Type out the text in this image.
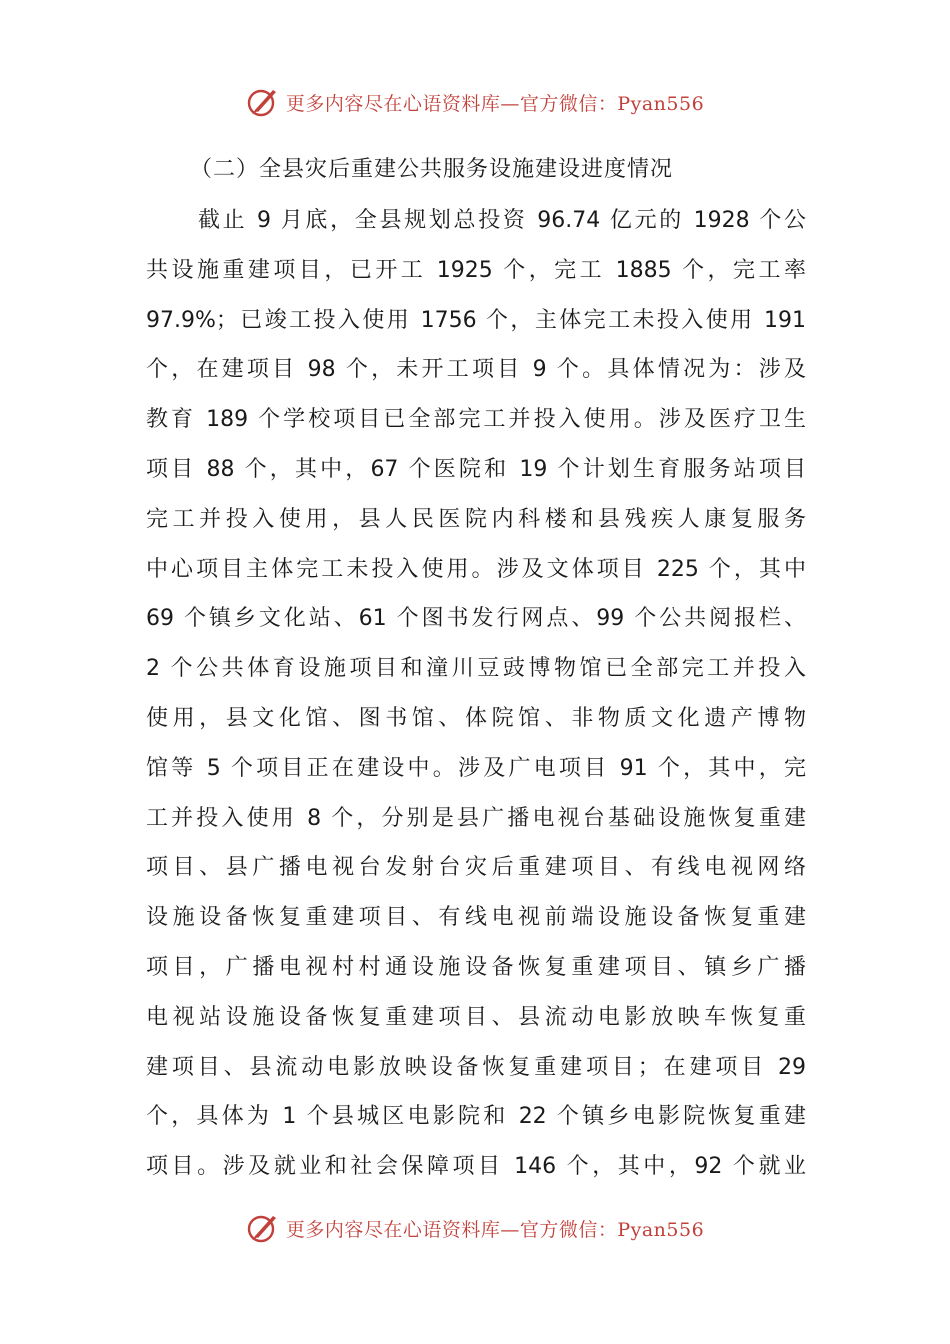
更多内容尽在心语资料库—官方微信：Pyan556
（二）全县灾后重建公共服务设施建设进度情况
截止 9 月底，全县规划总投资 96.74 亿元的 1928 个公
共设施重建项目，已开工 1925 个，完工 1885 个，完工率
97.9%；已竣工投入使用 1756 个，主体完工未投入使用 191
个，在建项目 98 个，未开工项目 9 个。具体情况为：涉及
教育 189 个学校项目已全部完工并投入使用。涉及医疗卫生
项目 88 个，其中，67 个医院和 19 个计划生育服务站项目
完工并投入使用，县人民医院内科楼和县残疾人康复服务
中心项目主体完工未投入使用。涉及文体项目 225 个，其中
69 个镇乡文化站、61 个图书发行网点、99 个公共阅报栏、
2 个公共体育设施项目和潼川豆豉博物馆已全部完工并投入
使用，县文化馆、图书馆、体院馆、非物质文化遗产博物
馆等 5 个项目正在建设中。涉及广电项目 91 个，其中，完
工并投入使用 8 个，分别是县广播电视台基础设施恢复重建
项目、县广播电视台发射台灾后重建项目、有线电视网络
设施设备恢复重建项目、有线电视前端设施设备恢复重建
项目，广播电视村村通设施设备恢复重建项目、镇乡广播
电视站设施设备恢复重建项目、县流动电影放映车恢复重
建项目、县流动电影放映设备恢复重建项目；在建项目 29
个，具体为 1 个县城区电影院和 22 个镇乡电影院恢复重建
项目。涉及就业和社会保障项目 146 个，其中，92 个就业
更多内容尽在心语资料库—官方微信：Pyan556
